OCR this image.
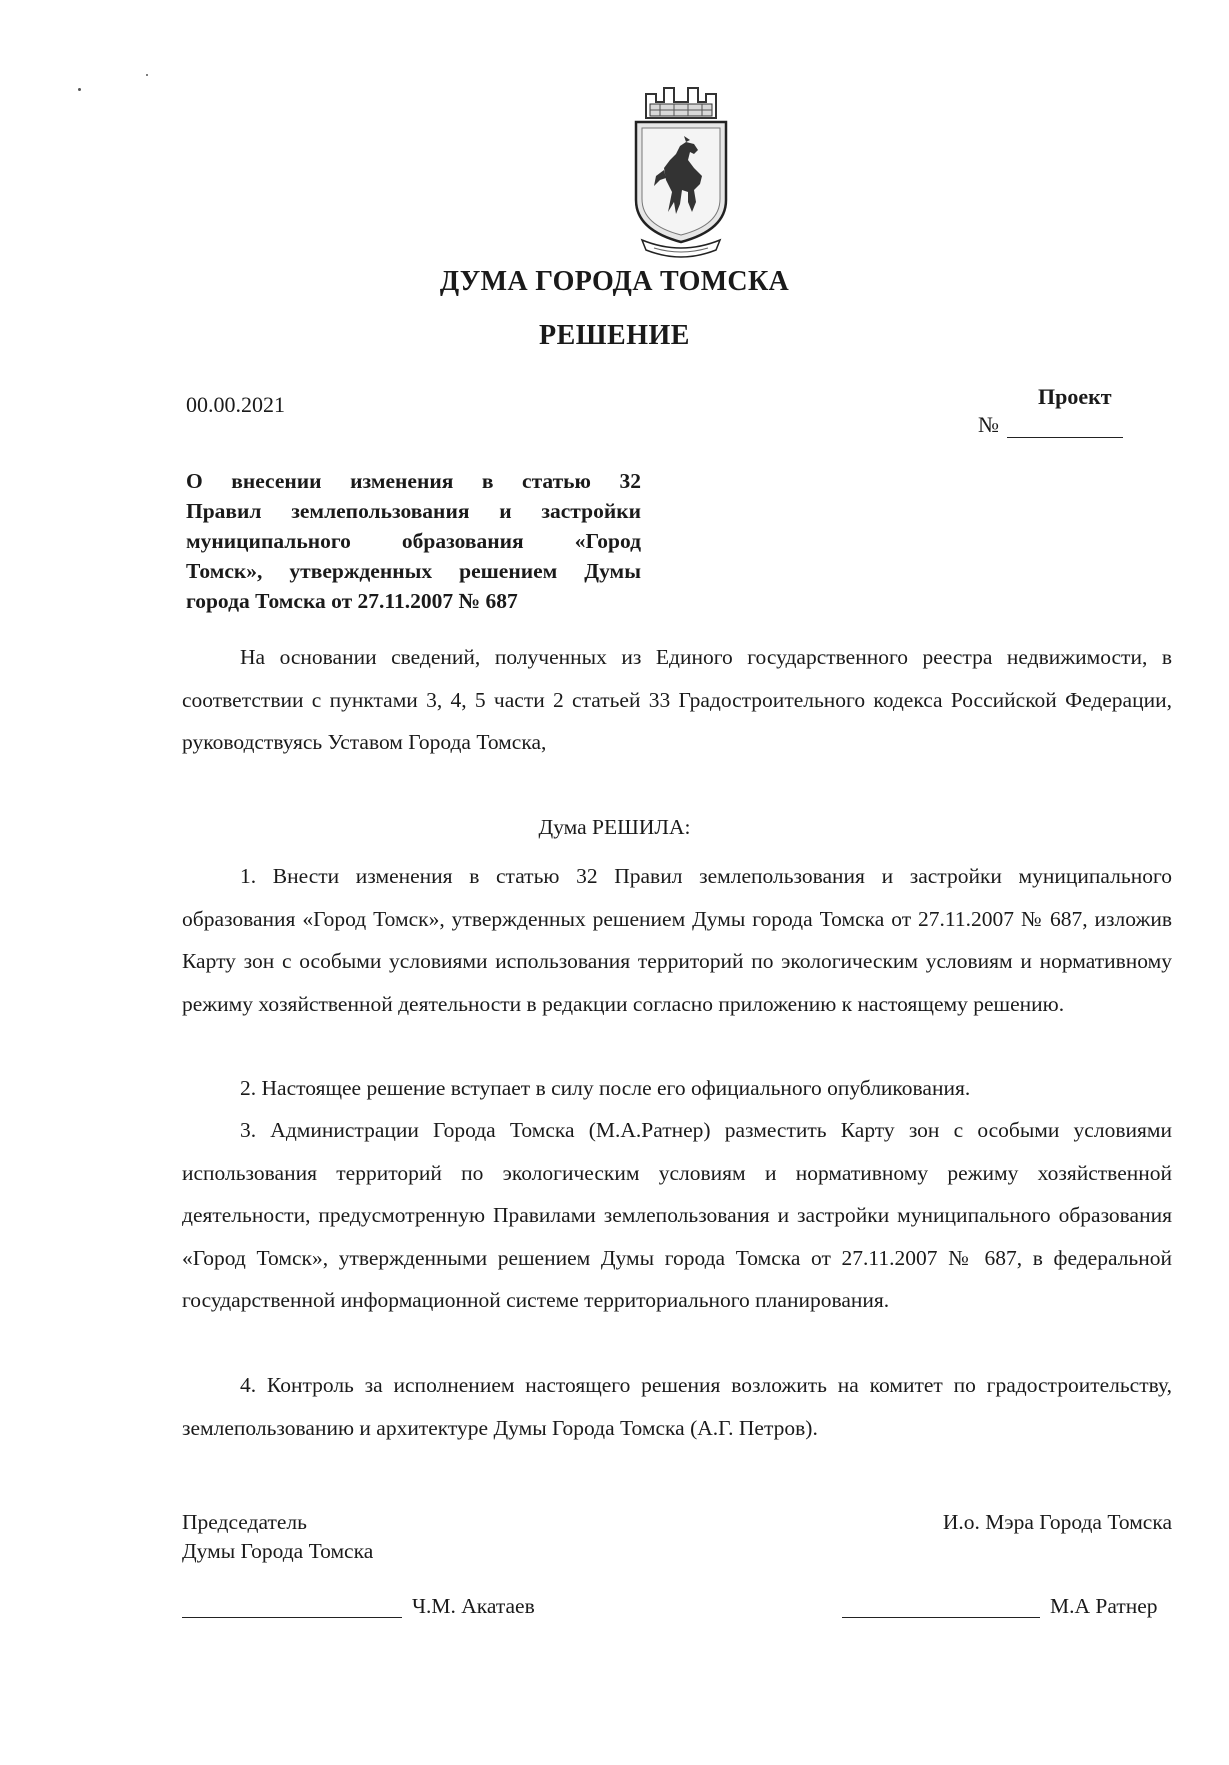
ДУМА ГОРОДА ТОМСКА
РЕШЕНИЕ
00.00.2021	Проект
№
О внесении изменения в статью 32
Правил землепользования и застройки
муниципального образования «Город
Томск», утвержденных решением Думы
города Томска от 27.11.2007 № 687
На основании сведений, полученных из Единого государственного реестра недвижимости, в соответствии с пунктами 3, 4, 5 части 2 статьей 33 Градостроительного кодекса Российской Федерации, руководствуясь Уставом Города Томска,
Дума РЕШИЛА:
1. Внести изменения в статью 32 Правил землепользования и застройки муниципального образования «Город Томск», утвержденных решением Думы города Томска от 27.11.2007 № 687, изложив Карту зон с особыми условиями использования территорий по экологическим условиям и нормативному режиму хозяйственной деятельности в редакции согласно приложению к настоящему решению.
2. Настоящее решение вступает в силу после его официального опубликования.
3. Администрации Города Томска (М.А.Ратнер) разместить Карту зон с особыми условиями использования территорий по экологическим условиям и нормативному режиму хозяйственной деятельности, предусмотренную Правилами землепользования и застройки муниципального образования «Город Томск», утвержденными решением Думы города Томска от 27.11.2007 № 687, в федеральной государственной информационной системе территориального планирования.
4. Контроль за исполнением настоящего решения возложить на комитет по градостроительству, землепользованию и архитектуре Думы Города Томска (А.Г. Петров).
Председатель
Думы Города Томска
И.о. Мэра Города Томска
Ч.М. Акатаев	М.А Ратнер
